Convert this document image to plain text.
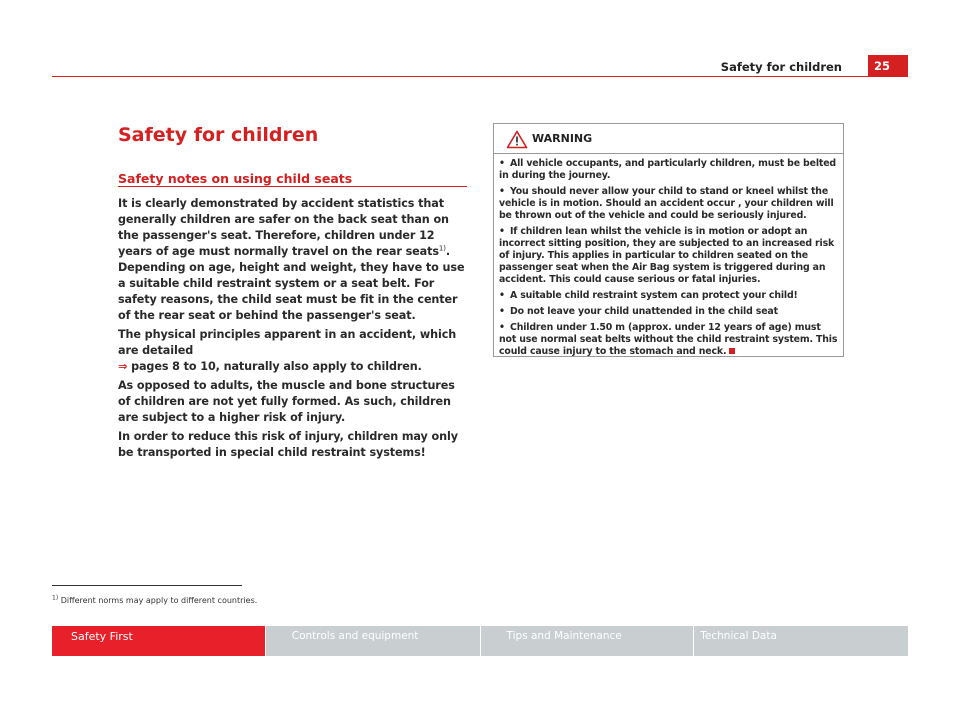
Safety for children	25
Safety for children
Safety notes on using child seats

It is clearly demonstrated by accident statistics that generally children are safer on the back seat than on the passenger's seat. Therefore, children under 12 years of age must normally travel on the rear seats$^{1)}$. Depending on age, height and weight, they have to use a suitable child restraint system or a seat belt. For safety reasons, the child seat must be fit in the center of the rear seat or behind the passenger's seat.

The physical principles apparent in an accident, which are detailed
⇒ pages 8 to 10, naturally also apply to children.

As opposed to adults, the muscle and bone structures of children are not yet fully formed. As such, children are subject to a higher risk of injury.

In order to reduce this risk of injury, children may only be transported in special child restraint systems!

WARNING
• All vehicle occupants, and particularly children, must be belted in during the journey.
• You should never allow your child to stand or kneel whilst the vehicle is in motion. Should an accident occur , your children will be thrown out of the vehicle and could be seriously injured.
• If children lean whilst the vehicle is in motion or adopt an incorrect sitting position, they are subjected to an increased risk of injury. This applies in particular to children seated on the passenger seat when the Air Bag system is triggered during an accident. This could cause serious or fatal injuries.
• A suitable child restraint system can protect your child!
• Do not leave your child unattended in the child seat
• Children under 1.50 m (approx. under 12 years of age) must not use normal seat belts without the child restraint system. This could cause injury to the stomach and neck.
$^{1)}$ Different norms may apply to different countries.
Safety First	Controls and equipment	Tips and Maintenance	Technical Data
